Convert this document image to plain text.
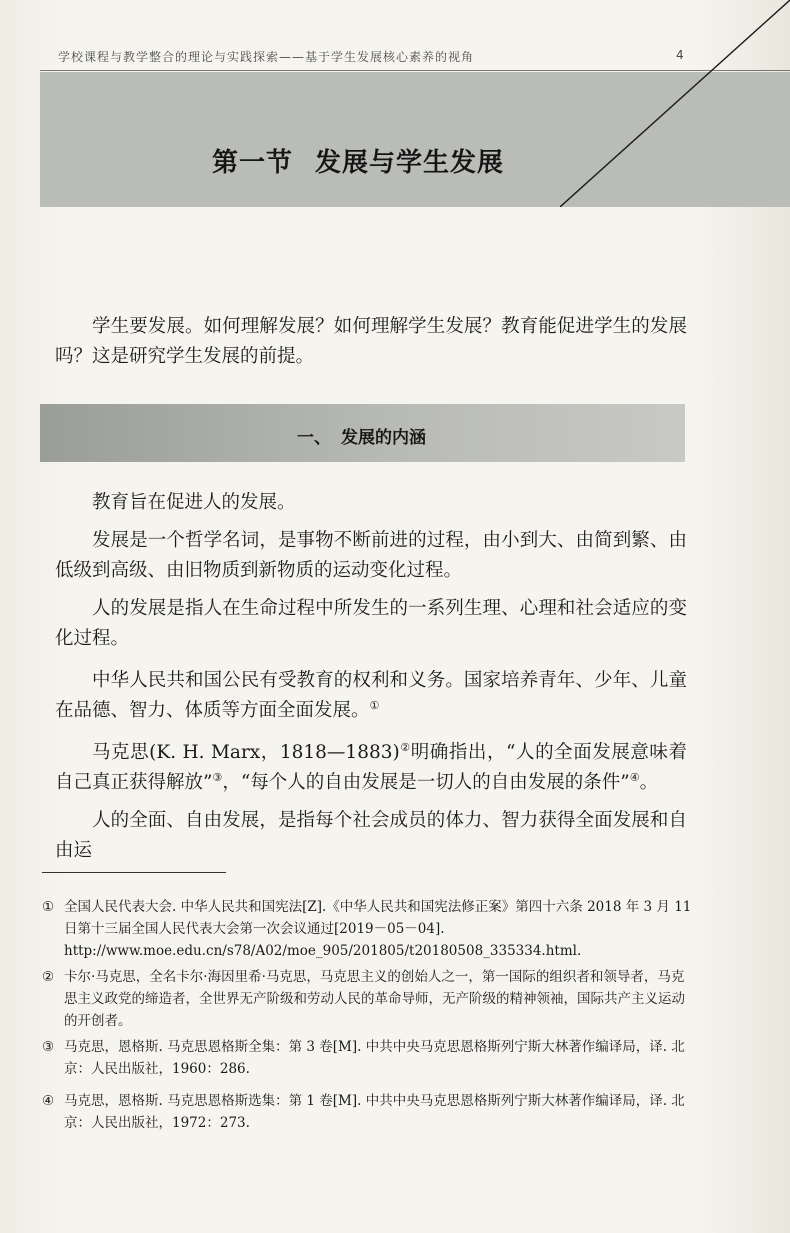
学校课程与教学整合的理论与实践探索——基于学生发展核心素养的视角	4
第一节 发展与学生发展
学生要发展。如何理解发展？如何理解学生发展？教育能促进学生的发展吗？这是研究学生发展的前提。
一、 发展的内涵
教育旨在促进人的发展。
发展是一个哲学名词，是事物不断前进的过程，由小到大、由简到繁、由低级到高级、由旧物质到新物质的运动变化过程。
人的发展是指人在生命过程中所发生的一系列生理、心理和社会适应的变化过程。
中华人民共和国公民有受教育的权利和义务。国家培养青年、少年、儿童在品德、智力、体质等方面全面发展。①
马克思(K. H. Marx，1818—1883)②明确指出，“人的全面发展意味着自己真正获得解放”③，“每个人的自由发展是一切人的自由发展的条件”④。
人的全面、自由发展，是指每个社会成员的体力、智力获得全面发展和自由运
① 全国人民代表大会. 中华人民共和国宪法[Z].《中华人民共和国宪法修正案》第四十六条 2018 年 3 月 11 日第十三届全国人民代表大会第一次会议通过[2019－05－04]. http://www.moe.edu.cn/s78/A02/moe_905/201805/t20180508_335334.html.
② 卡尔·马克思，全名卡尔·海因里希·马克思，马克思主义的创始人之一，第一国际的组织者和领导者，马克思主义政党的缔造者，全世界无产阶级和劳动人民的革命导师，无产阶级的精神领袖，国际共产主义运动的开创者。
③ 马克思，恩格斯. 马克思恩格斯全集：第 3 卷[M]. 中共中央马克思恩格斯列宁斯大林著作编译局，译. 北京：人民出版社，1960：286.
④ 马克思，恩格斯. 马克思恩格斯选集：第 1 卷[M]. 中共中央马克思恩格斯列宁斯大林著作编译局，译. 北京：人民出版社，1972：273.
